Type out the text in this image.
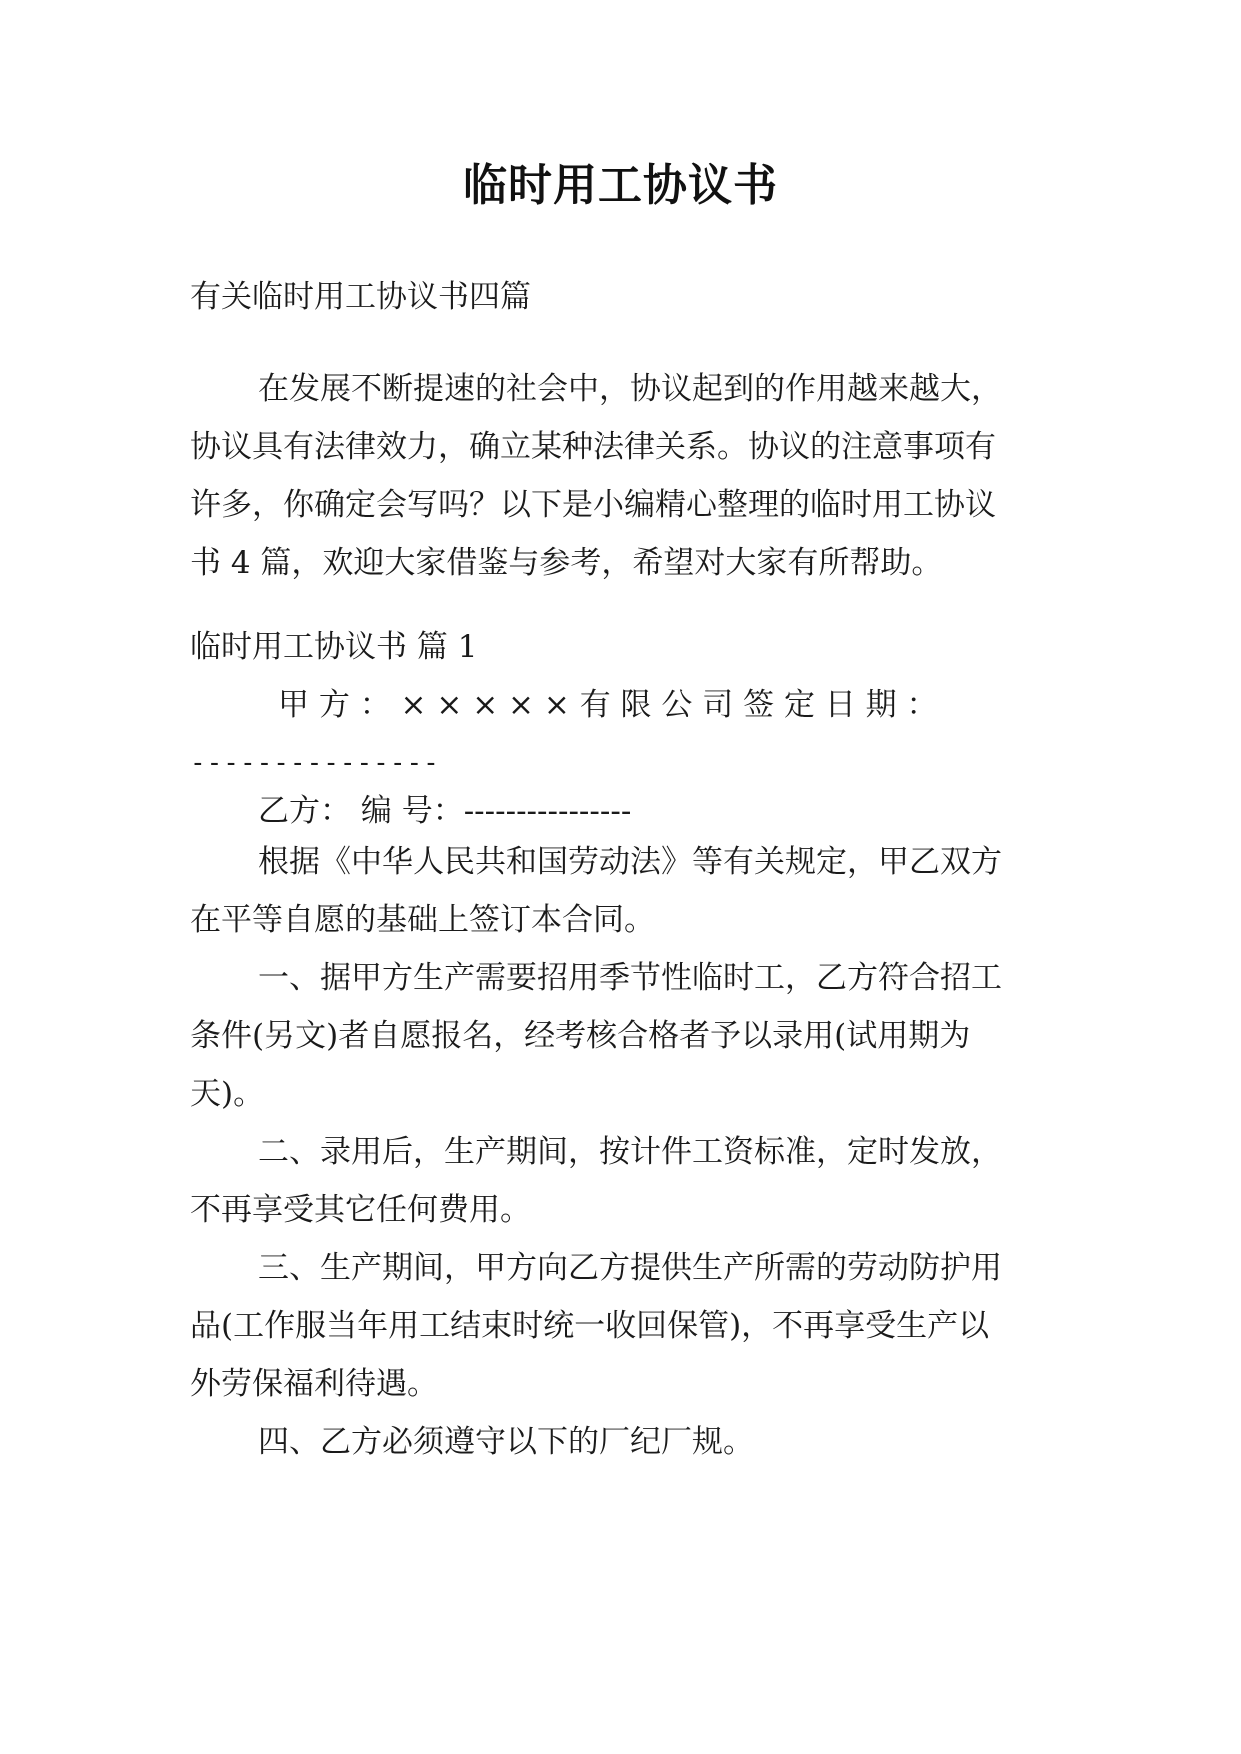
临时用工协议书
有关临时用工协议书四篇
在发展不断提速的社会中，协议起到的作用越来越大，
协议具有法律效力，确立某种法律关系。协议的注意事项有
许多，你确定会写吗？以下是小编精心整理的临时用工协议
书 4 篇，欢迎大家借鉴与参考，希望对大家有所帮助。
临时用工协议书 篇 1
甲 方 ： × × × × × 有 限 公 司 签 定 日 期 ：
---------------
乙方： 编 号：----------------
根据《中华人民共和国劳动法》等有关规定，甲乙双方
在平等自愿的基础上签订本合同。
一、据甲方生产需要招用季节性临时工，乙方符合招工
条件(另文)者自愿报名，经考核合格者予以录用(试用期为
天)。
二、录用后，生产期间，按计件工资标准，定时发放，
不再享受其它任何费用。
三、生产期间，甲方向乙方提供生产所需的劳动防护用
品(工作服当年用工结束时统一收回保管)，不再享受生产以
外劳保福利待遇。
四、乙方必须遵守以下的厂纪厂规。
